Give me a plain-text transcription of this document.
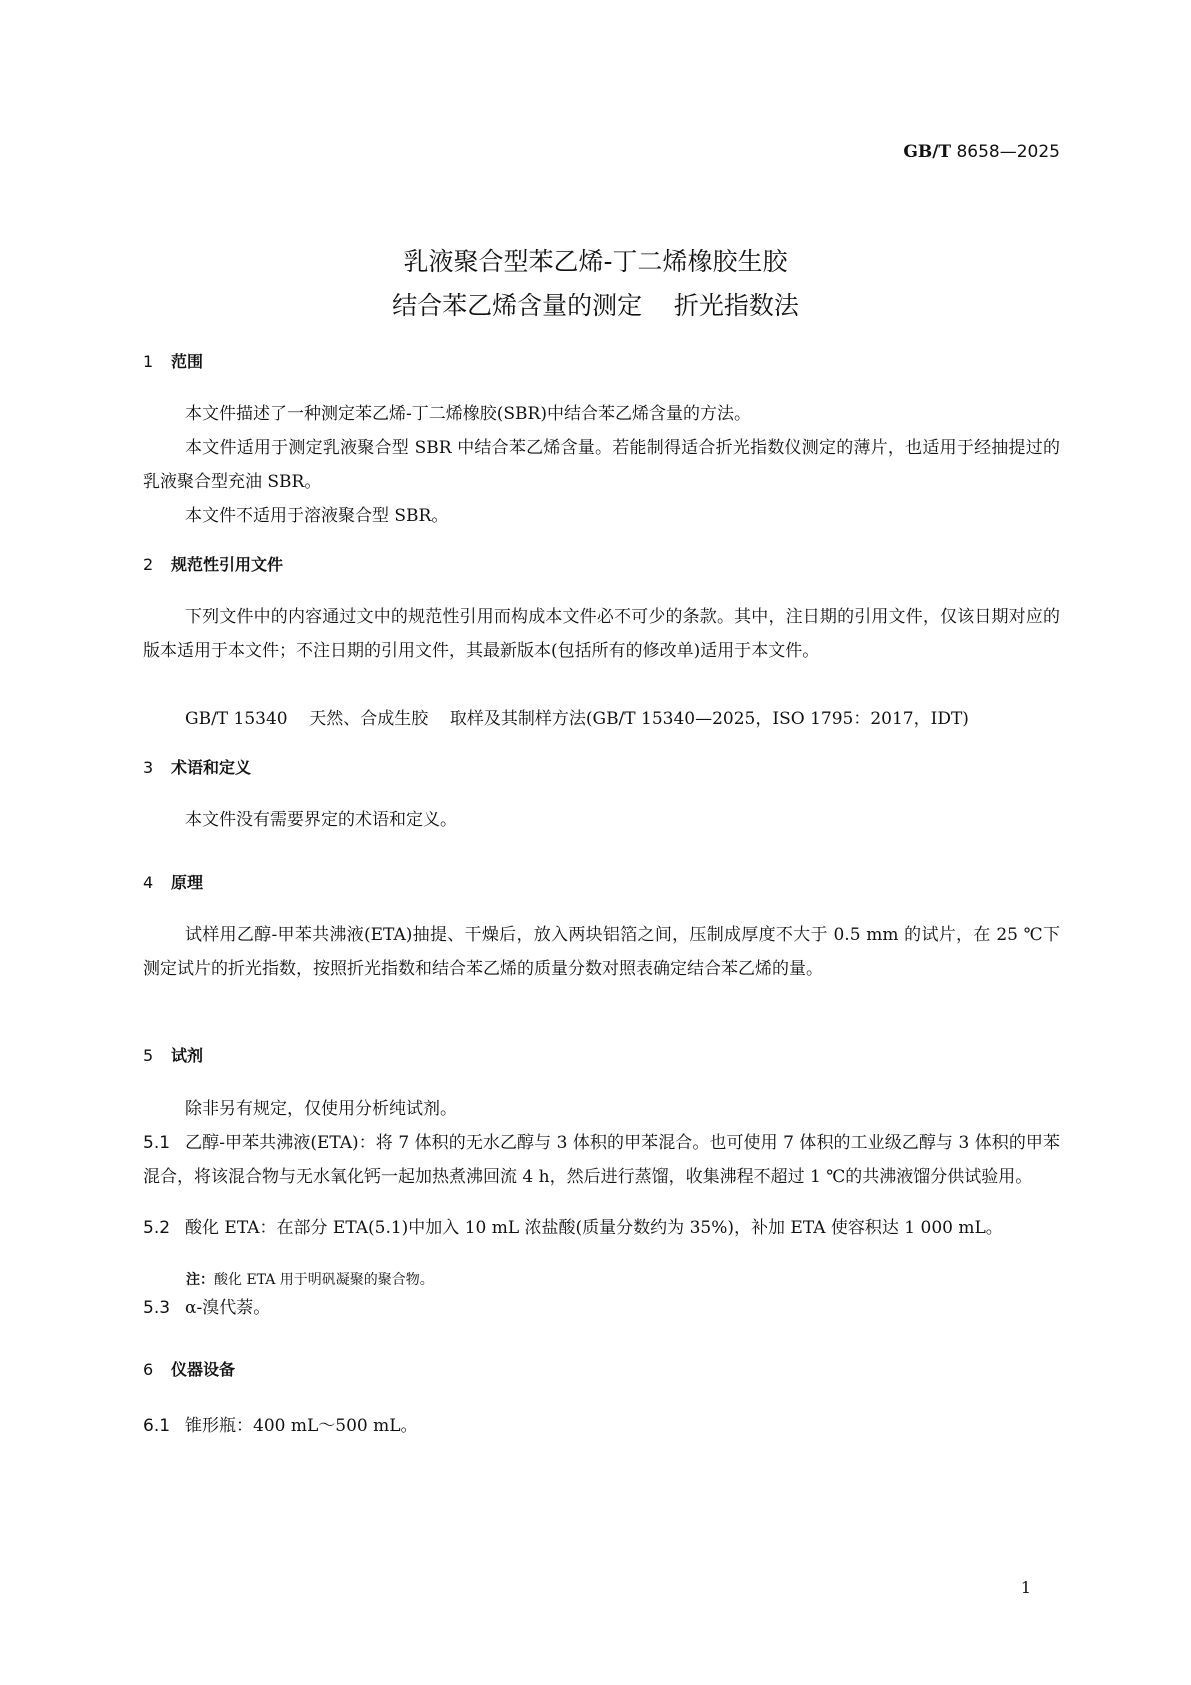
GB/T 8658—2025
乳液聚合型苯乙烯-丁二烯橡胶生胶
结合苯乙烯含量的测定    折光指数法
1 范围
本文件描述了一种测定苯乙烯-丁二烯橡胶(SBR)中结合苯乙烯含量的方法。
本文件适用于测定乳液聚合型 SBR 中结合苯乙烯含量。若能制得适合折光指数仪测定的薄片，也适用于经抽提过的乳液聚合型充油 SBR。
本文件不适用于溶液聚合型 SBR。
2 规范性引用文件
下列文件中的内容通过文中的规范性引用而构成本文件必不可少的条款。其中，注日期的引用文件，仅该日期对应的版本适用于本文件；不注日期的引用文件，其最新版本(包括所有的修改单)适用于本文件。
GB/T 15340    天然、合成生胶    取样及其制样方法(GB/T 15340—2025，ISO 1795：2017，IDT)
3 术语和定义
本文件没有需要界定的术语和定义。
4 原理
试样用乙醇-甲苯共沸液(ETA)抽提、干燥后，放入两块铝箔之间，压制成厚度不大于 0.5 mm 的试片，在 25 ℃下测定试片的折光指数，按照折光指数和结合苯乙烯的质量分数对照表确定结合苯乙烯的量。
5 试剂
除非另有规定，仅使用分析纯试剂。
5.1 乙醇-甲苯共沸液(ETA)：将 7 体积的无水乙醇与 3 体积的甲苯混合。也可使用 7 体积的工业级乙醇与 3 体积的甲苯混合，将该混合物与无水氧化钙一起加热煮沸回流 4 h，然后进行蒸馏，收集沸程不超过 1 ℃的共沸液馏分供试验用。
5.2 酸化 ETA：在部分 ETA(5.1)中加入 10 mL 浓盐酸(质量分数约为 35%)，补加 ETA 使容积达 1 000 mL。
注：酸化 ETA 用于明矾凝聚的聚合物。
5.3 α-溴代萘。
6 仪器设备
6.1 锥形瓶：400 mL～500 mL。
1
